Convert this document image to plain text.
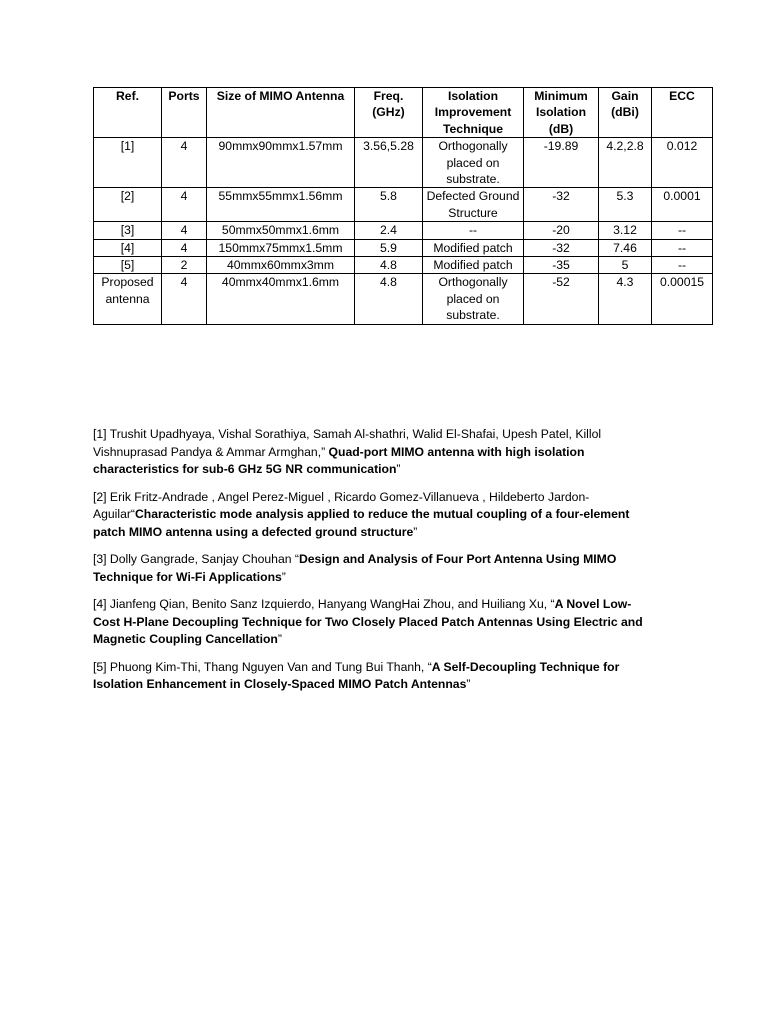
Ref.	Ports	Size of MIMO Antenna	Freq. (GHz)	Isolation Improvement Technique	Minimum Isolation (dB)	Gain (dBi)	ECC
[1]	4	90mmx90mmx1.57mm	3.56,5.28	Orthogonally placed on substrate.	-19.89	4.2,2.8	0.012
[2]	4	55mmx55mmx1.56mm	5.8	Defected Ground Structure	-32	5.3	0.0001
[3]	4	50mmx50mmx1.6mm	2.4	--	-20	3.12	--
[4]	4	150mmx75mmx1.5mm	5.9	Modified patch	-32	7.46	--
[5]	2	40mmx60mmx3mm	4.8	Modified patch	-35	5	--
Proposed antenna	4	40mmx40mmx1.6mm	4.8	Orthogonally placed on substrate.	-52	4.3	0.00015

[1] Trushit Upadhyaya, Vishal Sorathiya, Samah Al-shathri, Walid El-Shafai, Upesh Patel, Killol Vishnuprasad Pandya & Ammar Armghan,” Quad-port MIMO antenna with high isolation characteristics for sub-6 GHz 5G NR communication”

[2] Erik Fritz-Andrade , Angel Perez-Miguel , Ricardo Gomez-Villanueva , Hildeberto Jardon-Aguilar“Characteristic mode analysis applied to reduce the mutual coupling of a four-element patch MIMO antenna using a defected ground structure”

[3] Dolly Gangrade, Sanjay Chouhan “Design and Analysis of Four Port Antenna Using MIMO Technique for Wi-Fi Applications”

[4] Jianfeng Qian, Benito Sanz Izquierdo, Hanyang WangHai Zhou, and Huiliang Xu, “A Novel Low-Cost H-Plane Decoupling Technique for Two Closely Placed Patch Antennas Using Electric and Magnetic Coupling Cancellation”

[5] Phuong Kim-Thi, Thang Nguyen Van and Tung Bui Thanh, “A Self-Decoupling Technique for Isolation Enhancement in Closely-Spaced MIMO Patch Antennas”
